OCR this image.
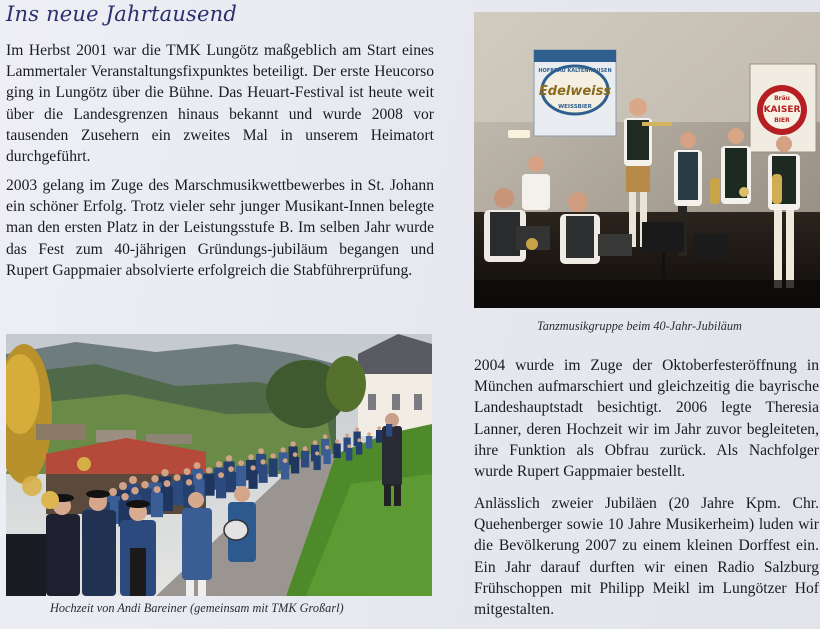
Ins neue Jahrtausend

Im Herbst 2001 war die TMK Lungötz maßgeblich am Start eines Lammertaler Veranstaltungsfixpunktes beteiligt. Der erste Heucorso ging in Lungötz über die Bühne. Das Heuart-Festival ist heute weit über die Landesgrenzen hinaus bekannt und wurde 2008 vor tausenden Zusehern ein zweites Mal in unserem Heimatort durchgeführt.

2003 gelang im Zuge des Marschmusikwettbewerbes in St. Johann ein schöner Erfolg. Trotz vieler sehr junger Musikant-Innen belegte man den ersten Platz in der Leistungsstufe B. Im selben Jahr wurde das Fest zum 40-jährigen Gründungs-jubiläum begangen und Rupert Gappmaier absolvierte erfolgreich die Stabführerprüfung.

HOFBRÄU KALTENHAUSEN
Edelweiss
WEISSBIER
Bräu
KAISER
BIER
Tanzmusikgruppe beim 40-Jahr-Jubiläum
Hochzeit von Andi Bareiner (gemeinsam mit TMK Großarl)

2004 wurde im Zuge der Oktoberfesteröffnung in München aufmarschiert und gleichzeitig die bayrische Landeshauptstadt besichtigt. 2006 legte Theresia Lanner, deren Hochzeit wir im Jahr zuvor begleiteten, ihre Funktion als Obfrau zurück. Als Nachfolger wurde Rupert Gappmaier bestellt.

Anlässlich zweier Jubiläen (20 Jahre Kpm. Chr. Quehenberger sowie 10 Jahre Musikerheim) luden wir die Bevölkerung 2007 zu einem kleinen Dorffest ein. Ein Jahr darauf durften wir einen Radio Salzburg Frühschoppen mit Philipp Meikl im Lungötzer Hof mitgestalten.
